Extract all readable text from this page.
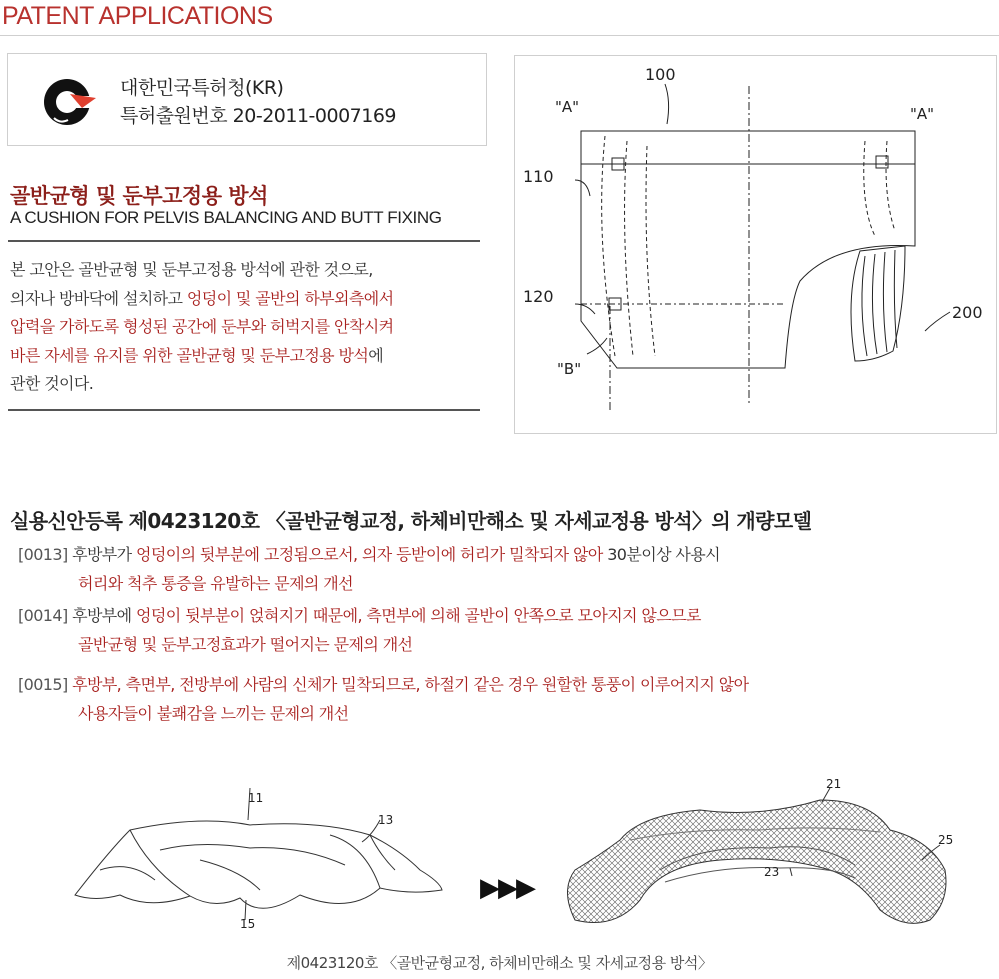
PATENT APPLICATIONS
대한민국특허청(KR)
특허출원번호 20-2011-0007169
골반균형 및 둔부고정용 방석
A CUSHION FOR PELVIS BALANCING AND BUTT FIXING
본 고안은 골반균형 및 둔부고정용 방석에 관한 것으로,
의자나 방바닥에 설치하고 엉덩이 및 골반의 하부외측에서
압력을 가하도록 형성된 공간에 둔부와 허벅지를 안착시켜
바른 자세를 유지를 위한 골반균형 및 둔부고정용 방석에
관한 것이다.
100
"A"	"A"
110
120
"B"
200
실용신안등록 제0423120호 〈골반균형교정, 하체비만해소 및 자세교정용 방석〉의 개량모델
[0013] 후방부가 엉덩이의 뒷부분에 고정됨으로서, 의자 등받이에 허리가 밀착되자 않아 30분이상 사용시
허리와 척추 통증을 유발하는 문제의 개선
[0014] 후방부에 엉덩이 뒷부분이 얹혀지기 때문에, 측면부에 의해 골반이 안쪽으로 모아지지 않으므로
골반균형 및 둔부고정효과가 떨어지는 문제의 개선
[0015] 후방부, 측면부, 전방부에 사람의 신체가 밀착되므로, 하절기 같은 경우 원할한 통풍이 이루어지지 않아
사용자들이 불쾌감을 느끼는 문제의 개선
11
13
15
▶▶▶
21
23
25
제0423120호 〈골반균형교정, 하체비만해소 및 자세교정용 방석〉
